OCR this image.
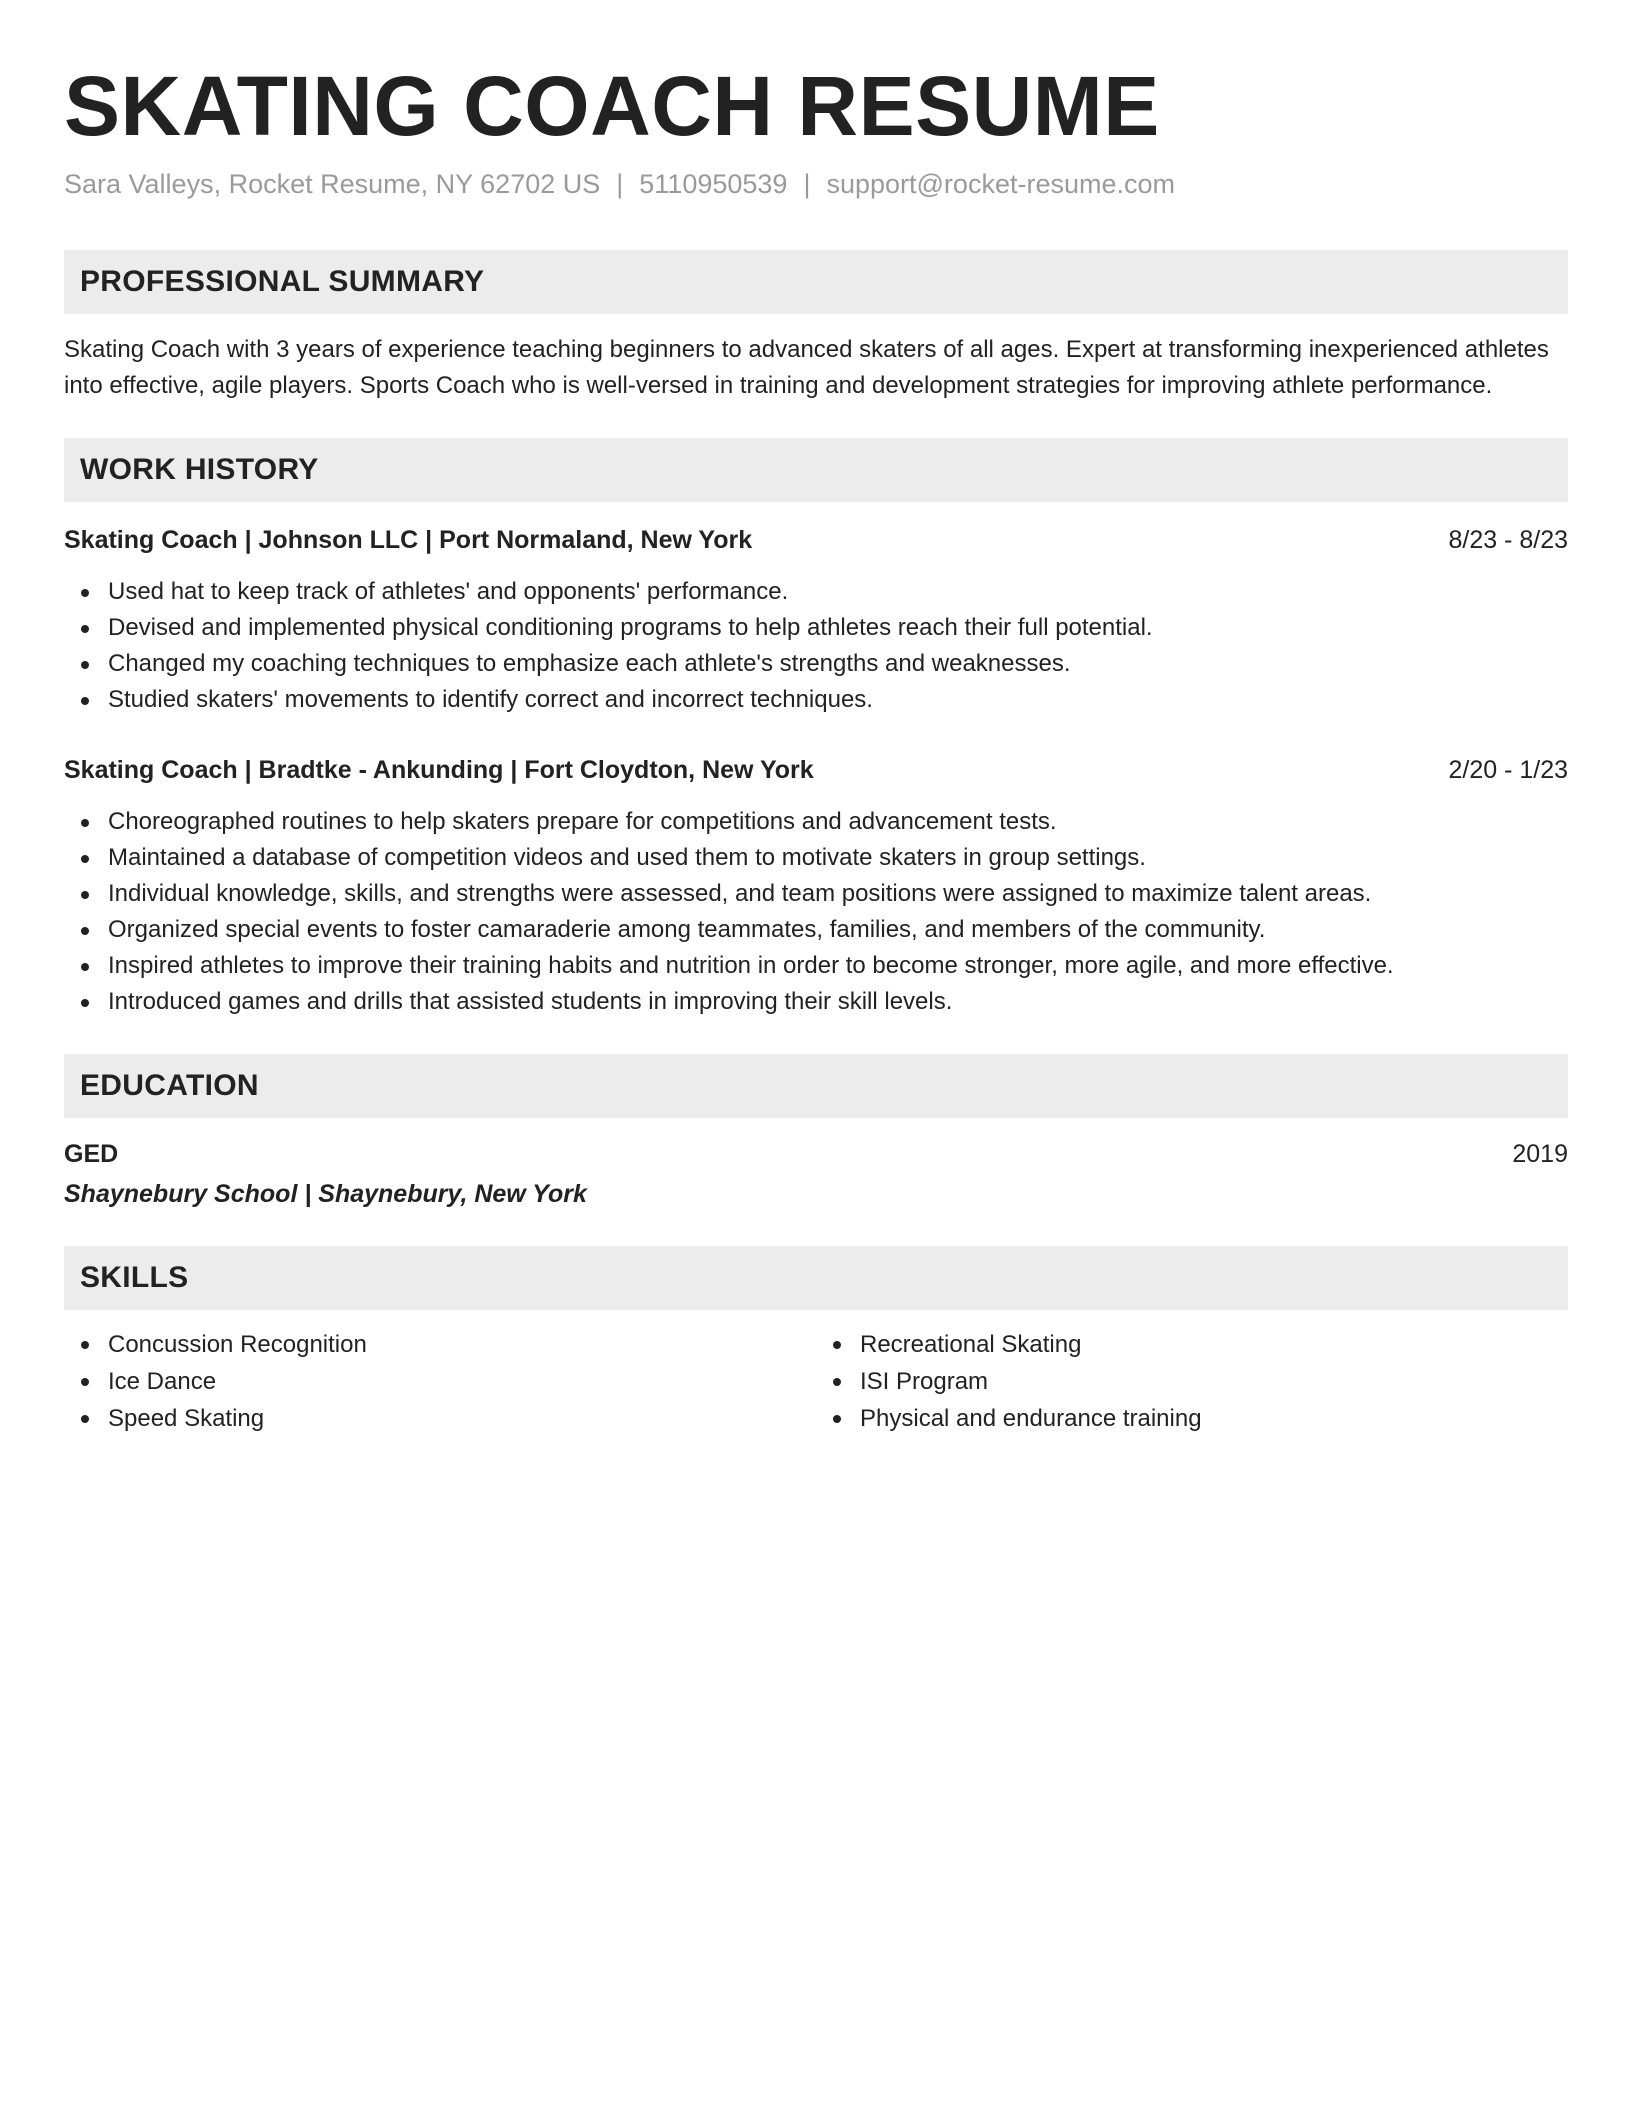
SKATING COACH RESUME
Sara Valleys, Rocket Resume, NY 62702 US | 5110950539 | support@rocket-resume.com
PROFESSIONAL SUMMARY

Skating Coach with 3 years of experience teaching beginners to advanced skaters of all ages. Expert at transforming inexperienced athletes into effective, agile players. Sports Coach who is well-versed in training and development strategies for improving athlete performance.

WORK HISTORY
Skating Coach | Johnson LLC | Port Normaland, New York	8/23 - 8/23
Used hat to keep track of athletes' and opponents' performance.
Devised and implemented physical conditioning programs to help athletes reach their full potential.
Changed my coaching techniques to emphasize each athlete's strengths and weaknesses.
Studied skaters' movements to identify correct and incorrect techniques.
Skating Coach | Bradtke - Ankunding | Fort Cloydton, New York	2/20 - 1/23
Choreographed routines to help skaters prepare for competitions and advancement tests.
Maintained a database of competition videos and used them to motivate skaters in group settings.
Individual knowledge, skills, and strengths were assessed, and team positions were assigned to maximize talent areas.
Organized special events to foster camaraderie among teammates, families, and members of the community.
Inspired athletes to improve their training habits and nutrition in order to become stronger, more agile, and more effective.
Introduced games and drills that assisted students in improving their skill levels.
EDUCATION
GED	2019
Shaynebury School | Shaynebury, New York
SKILLS
Concussion Recognition
Ice Dance
Speed Skating
Recreational Skating
ISI Program
Physical and endurance training
